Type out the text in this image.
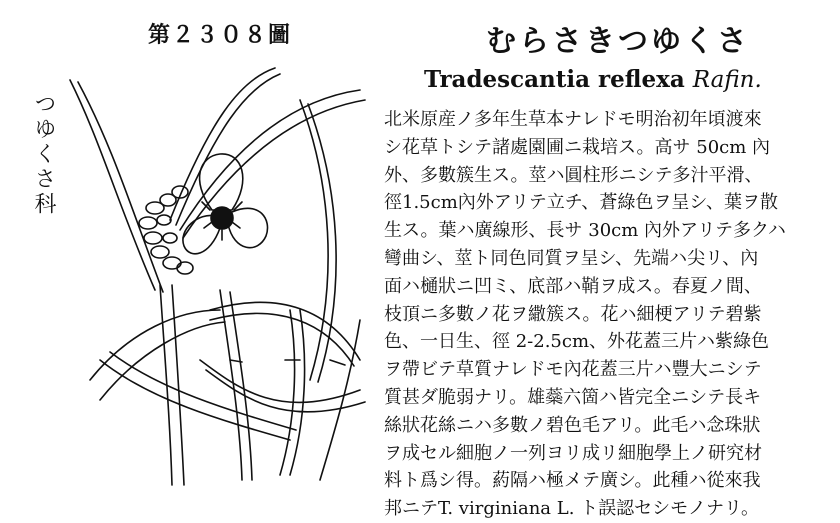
第２３０８圖
つゆくさ科
むらさきつゆくさ
Tradescantia reflexa Rafin.
北米原産ノ多年生草本ナレドモ明治初年頃渡來
シ花草トシテ諸處園圃ニ栽培ス。高サ 50cm 內
外、多數簇生ス。莖ハ圓柱形ニシテ多汁平滑、
徑1.5cm內外アリテ立チ、蒼綠色ヲ呈シ、葉ヲ散
生ス。葉ハ廣線形、長サ 30cm 內外アリテ多クハ
彎曲シ、莖ト同色同質ヲ呈シ、先端ハ尖リ、內
面ハ樋狀ニ凹ミ、底部ハ鞘ヲ成ス。春夏ノ間、
枝頂ニ多數ノ花ヲ繖簇ス。花ハ細梗アリテ碧紫
色、一日生、徑 2-2.5cm、外花蓋三片ハ紫綠色
ヲ帶ビテ草質ナレドモ內花蓋三片ハ豐大ニシテ
質甚ダ脆弱ナリ。雄蘂六箇ハ皆完全ニシテ長キ
絲狀花絲ニハ多數ノ碧色毛アリ。此毛ハ念珠狀
ヲ成セル細胞ノ一列ヨリ成リ細胞學上ノ研究材
料ト爲シ得。葯隔ハ極メテ廣シ。此種ハ從來我
邦ニテT. virginiana L. ト誤認セシモノナリ。
